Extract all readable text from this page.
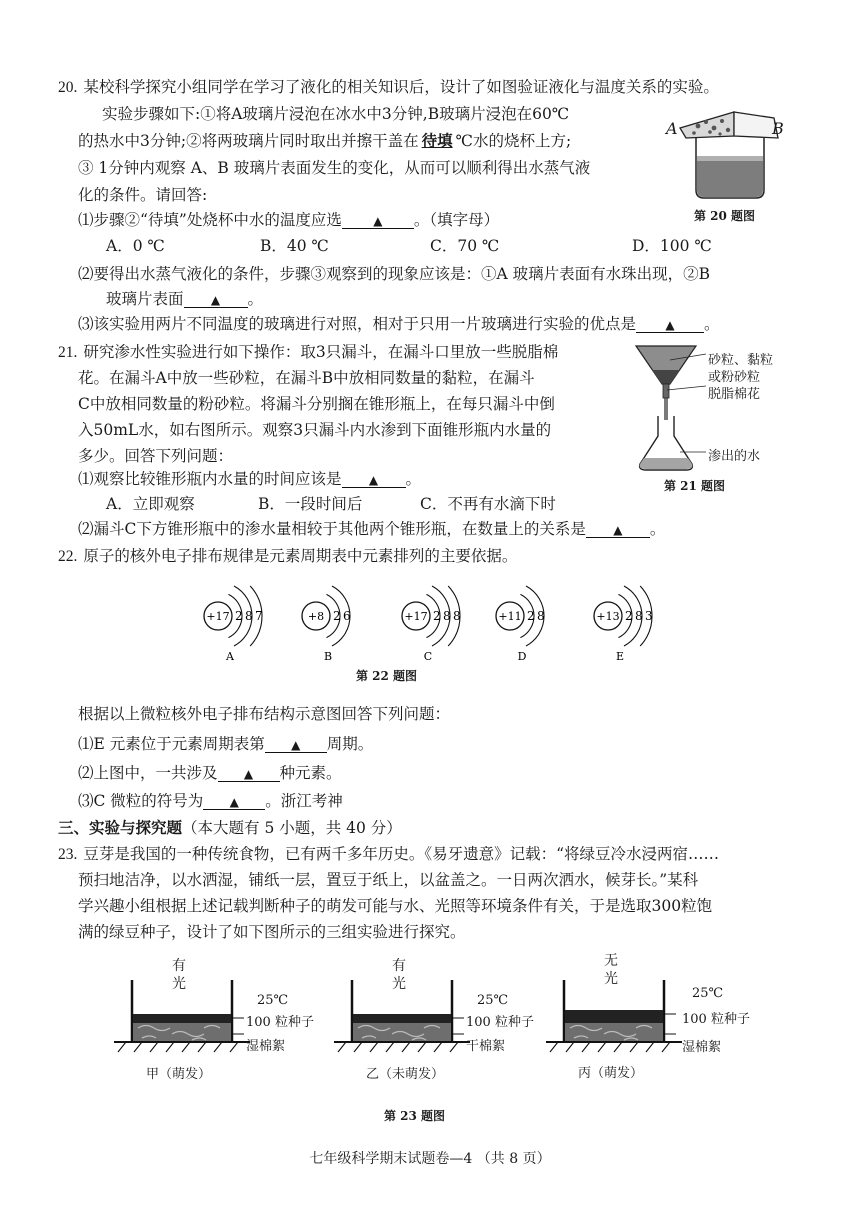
20. 某校科学探究小组同学在学习了液化的相关知识后，设计了如图验证液化与温度关系的实验。
实验步骤如下:①将A玻璃片浸泡在冰水中3分钟,B玻璃片浸泡在60℃
的热水中3分钟;②将两玻璃片同时取出并擦干盖在 待填 ℃水的烧杯上方;
③ 1分钟内观察 A、B 玻璃片表面发生的变化，从而可以顺利得出水蒸气液
化的条件。请回答:
⑴步骤②“待填”处烧杯中水的温度应选	▲ 。（填字母）
A．0 ℃	B．40 ℃	C．70 ℃	D．100 ℃
⑵要得出水蒸气液化的条件，步骤③观察到的现象应该是：①A 玻璃片表面有水珠出现，②B
玻璃片表面 ▲ 。
⑶该实验用两片不同温度的玻璃进行对照，相对于只用一片玻璃进行实验的优点是 ▲ 。
A	B
第 20 题图
21. 研究渗水性实验进行如下操作：取3只漏斗，在漏斗口里放一些脱脂棉
花。在漏斗A中放一些砂粒，在漏斗B中放相同数量的黏粒，在漏斗
C中放相同数量的粉砂粒。将漏斗分别搁在锥形瓶上，在每只漏斗中倒
入50mL水，如右图所示。观察3只漏斗内水渗到下面锥形瓶内水量的
多少。回答下列问题：
⑴观察比较锥形瓶内水量的时间应该是 ▲ 。
A．立即观察	B．一段时间后	C．不再有水滴下时
⑵漏斗C下方锥形瓶中的渗水量相较于其他两个锥形瓶，在数量上的关系是 ▲ 。
砂粒、黏粒
或粉砂粒
脱脂棉花
渗出的水
第 21 题图
22. 原子的核外电子排布规律是元素周期表中元素排列的主要依据。
+17 2 8 7
A
+8 2 6
B
+17 2 8 8
C
+11 2 8
D
+13 2 8 3
E
第 22 题图
根据以上微粒核外电子排布结构示意图回答下列问题：
⑴E 元素位于元素周期表第 ▲ 周期。
⑵上图中，一共涉及 ▲ 种元素。
⑶C 微粒的符号为 ▲ 。浙江考神
三、实验与探究题（本大题有 5 小题，共 40 分）
23. 豆芽是我国的一种传统食物，已有两千多年历史。《易牙遗意》记载：“将绿豆冷水浸两宿……
预扫地洁净，以水洒湿，铺纸一层，置豆于纸上，以盆盖之。一日两次洒水，候芽长。”某科
学兴趣小组根据上述记载判断种子的萌发可能与水、光照等环境条件有关，于是选取300粒饱
满的绿豆种子，设计了如下图所示的三组实验进行探究。
有
光
25℃
100 粒种子
湿棉絮
甲（萌发）
有
光
25℃
100 粒种子
干棉絮
乙（未萌发）
无
光
25℃
100 粒种子
湿棉絮
丙（萌发）
第 23 题图
七年级科学期末试题卷—4 （共 8 页）
